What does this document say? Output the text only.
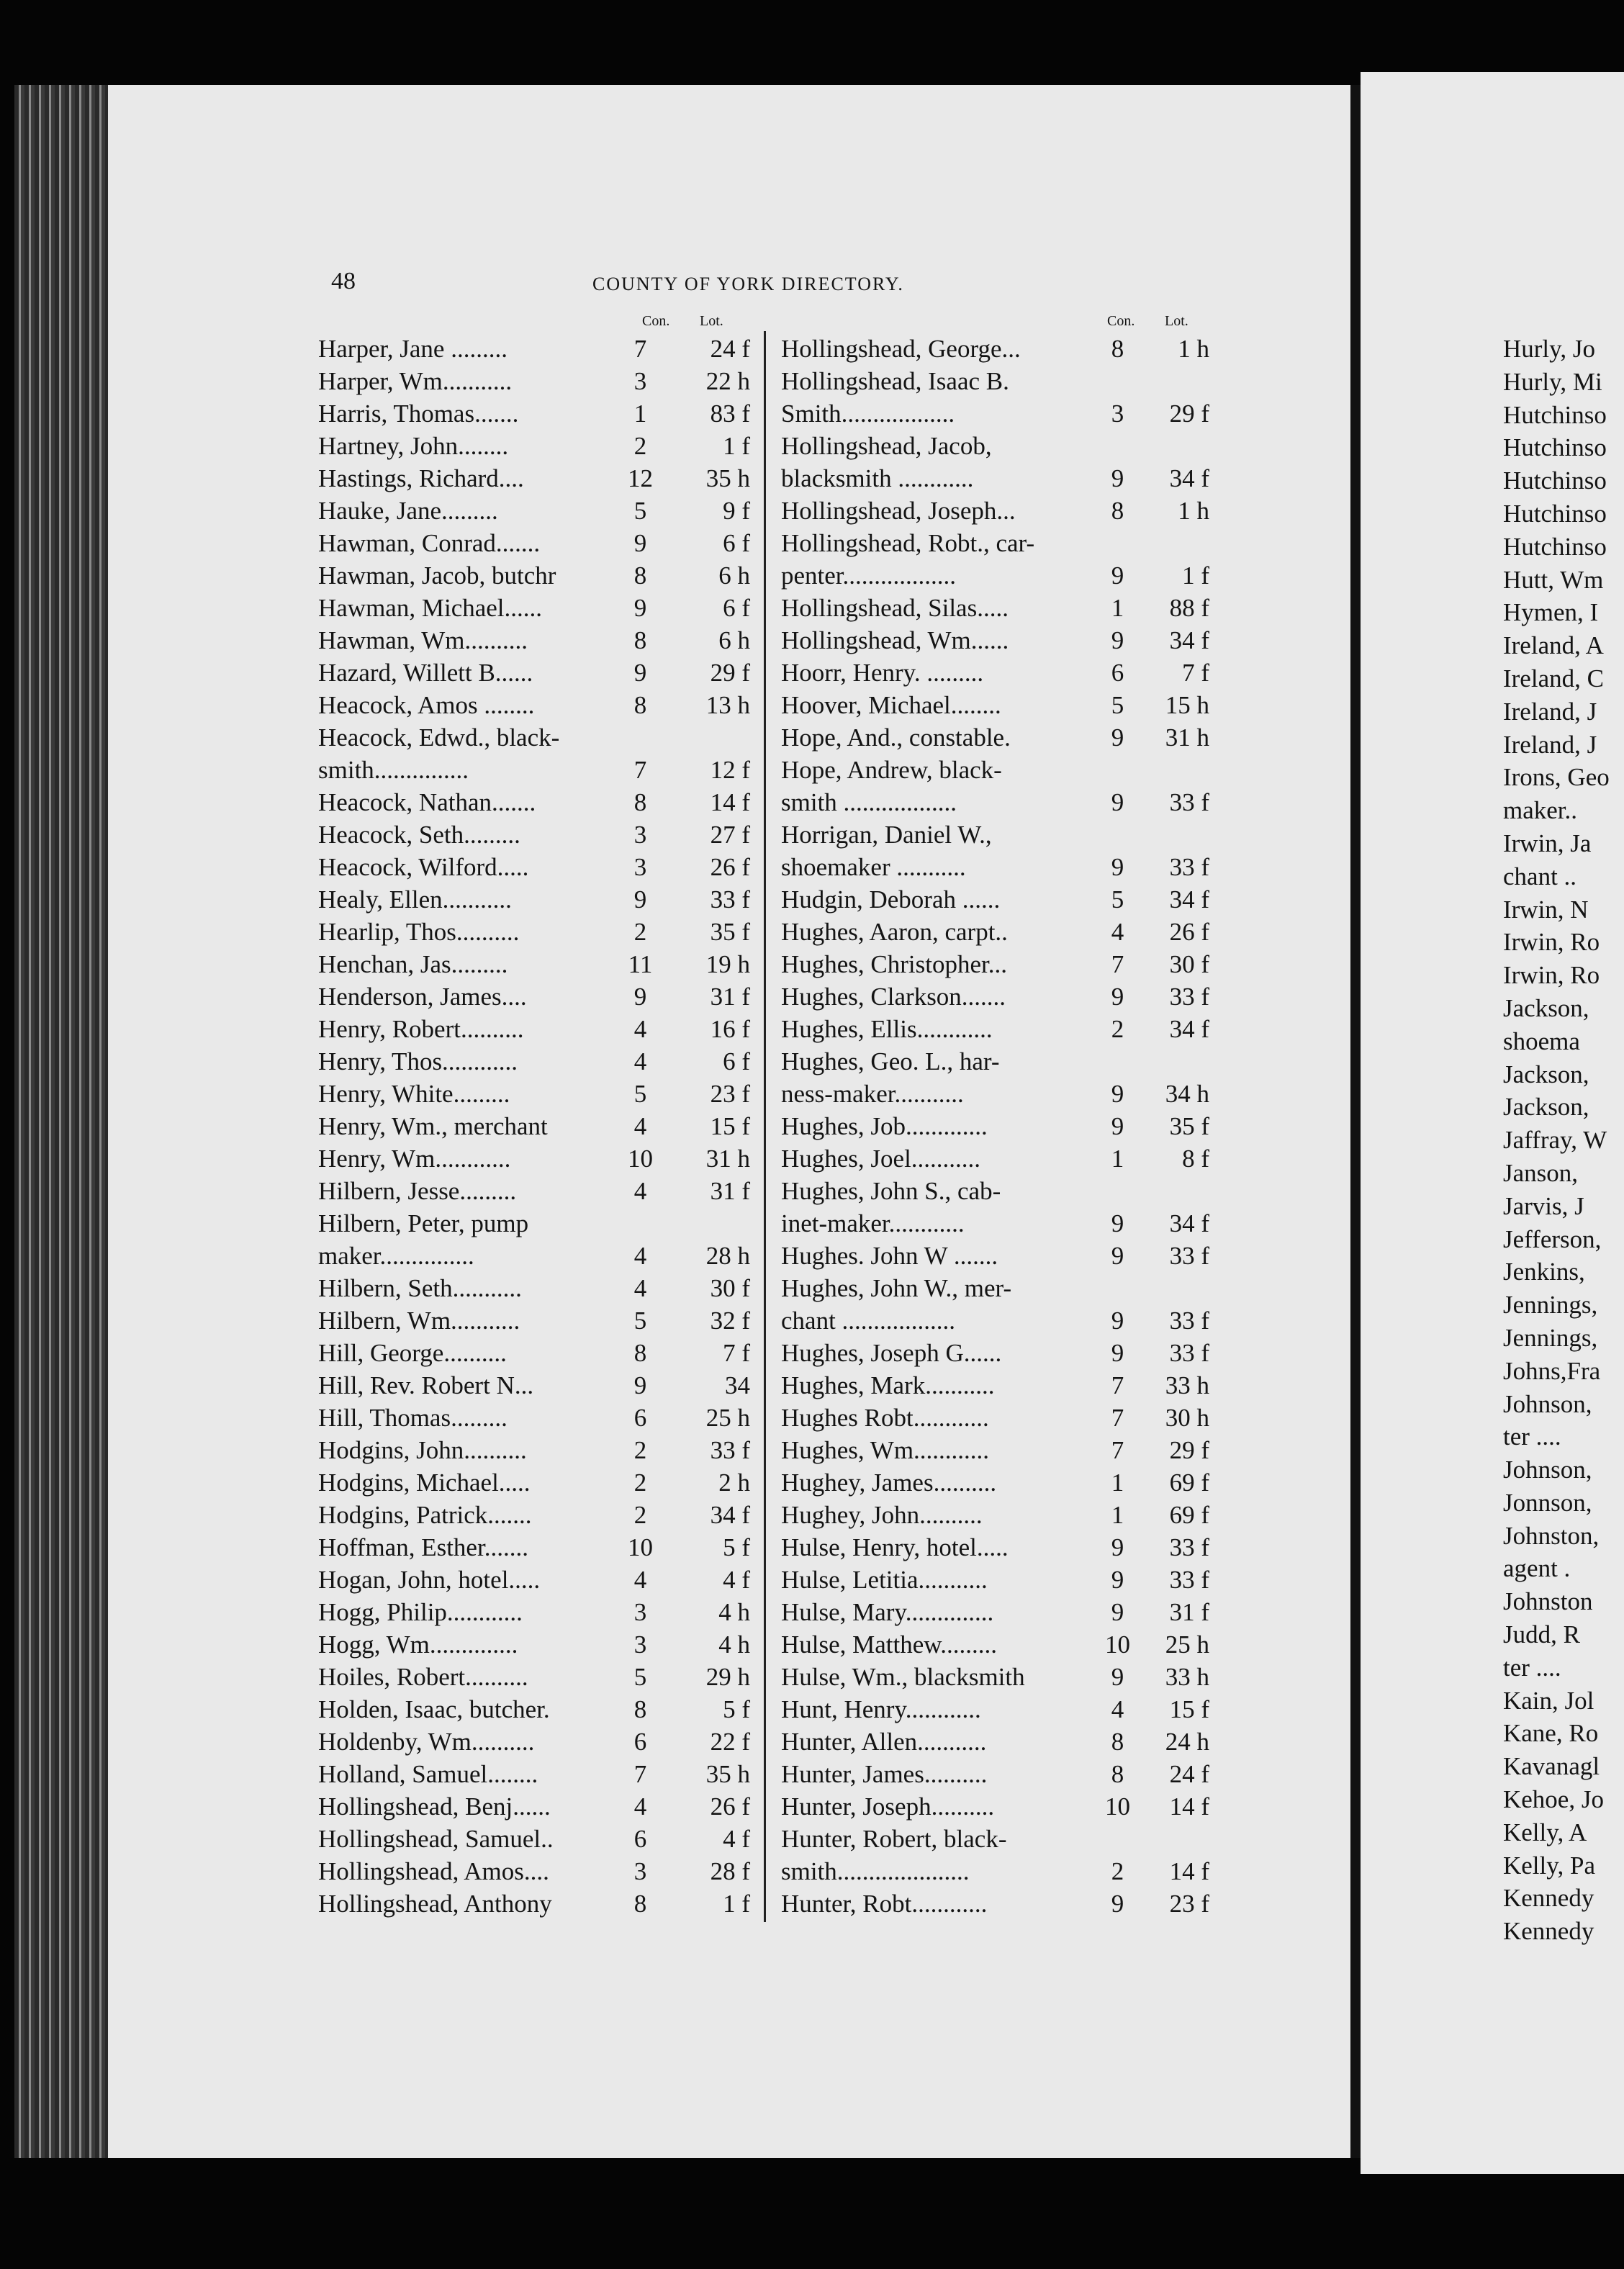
48	COUNTY OF YORK DIRECTORY.
Con. Lot.	Con. Lot.
Harper, Jane .........	7	24 f
Harper, Wm...........	3	22 h
Harris, Thomas.......	1	83 f
Hartney, John........	2	1 f
Hastings, Richard....	12	35 h
Hauke, Jane.........	5	9 f
Hawman, Conrad.......	9	6 f
Hawman, Jacob, butchr	8	6 h
Hawman, Michael......	9	6 f
Hawman, Wm..........	8	6 h
Hazard, Willett B......	9	29 f
Heacock, Amos ........	8	13 h
Heacock, Edwd., black-
smith...............	7	12 f
Heacock, Nathan.......	8	14 f
Heacock, Seth.........	3	27 f
Heacock, Wilford.....	3	26 f
Healy, Ellen...........	9	33 f
Hearlip, Thos..........	2	35 f
Henchan, Jas.........	11	19 h
Henderson, James....	9	31 f
Henry, Robert..........	4	16 f
Henry, Thos............	4	6 f
Henry, White.........	5	23 f
Henry, Wm., merchant	4	15 f
Henry, Wm............	10	31 h
Hilbern, Jesse.........	4	31 f
Hilbern, Peter, pump
maker...............	4	28 h
Hilbern, Seth...........	4	30 f
Hilbern, Wm...........	5	32 f
Hill, George..........	8	7 f
Hill, Rev. Robert N...	9	34
Hill, Thomas.........	6	25 h
Hodgins, John..........	2	33 f
Hodgins, Michael.....	2	2 h
Hodgins, Patrick.......	2	34 f
Hoffman, Esther.......	10	5 f
Hogan, John, hotel.....	4	4 f
Hogg, Philip............	3	4 h
Hogg, Wm..............	3	4 h
Hoiles, Robert..........	5	29 h
Holden, Isaac, butcher.	8	5 f
Holdenby, Wm..........	6	22 f
Holland, Samuel........	7	35 h
Hollingshead, Benj......	4	26 f
Hollingshead, Samuel..	6	4 f
Hollingshead, Amos....	3	28 f
Hollingshead, Anthony	8	1 f
Hollingshead, George...	8	1 h
Hollingshead, Isaac B.
Smith..................	3	29 f
Hollingshead, Jacob,
blacksmith ............	9	34 f
Hollingshead, Joseph...	8	1 h
Hollingshead, Robt., car-
penter..................	9	1 f
Hollingshead, Silas.....	1	88 f
Hollingshead, Wm......	9	34 f
Hoorr, Henry. .........	6	7 f
Hoover, Michael........	5	15 h
Hope, And., constable.	9	31 h
Hope, Andrew, black-
smith ..................	9	33 f
Horrigan, Daniel W.,
shoemaker ...........	9	33 f
Hudgin, Deborah ......	5	34 f
Hughes, Aaron, carpt..	4	26 f
Hughes, Christopher...	7	30 f
Hughes, Clarkson.......	9	33 f
Hughes, Ellis............	2	34 f
Hughes, Geo. L., har-
ness-maker...........	9	34 h
Hughes, Job.............	9	35 f
Hughes, Joel...........	1	8 f
Hughes, John S., cab-
inet-maker............	9	34 f
Hughes. John W .......	9	33 f
Hughes, John W., mer-
chant ..................	9	33 f
Hughes, Joseph G......	9	33 f
Hughes, Mark...........	7	33 h
Hughes Robt............	7	30 h
Hughes, Wm............	7	29 f
Hughey, James..........	1	69 f
Hughey, John..........	1	69 f
Hulse, Henry, hotel.....	9	33 f
Hulse, Letitia...........	9	33 f
Hulse, Mary..............	9	31 f
Hulse, Matthew.........	10	25 h
Hulse, Wm., blacksmith	9	33 h
Hunt, Henry............	4	15 f
Hunter, Allen...........	8	24 h
Hunter, James..........	8	24 f
Hunter, Joseph..........	10	14 f
Hunter, Robert, black-
smith.....................	2	14 f
Hunter, Robt............	9	23 f
Hurly, Jo
Hurly, Mi
Hutchinso
Hutchinso
Hutchinso
Hutchinso
Hutchinso
Hutt, Wm
Hymen, I
Ireland, A
Ireland, C
Ireland, J
Ireland, J
Irons, Geo
maker..
Irwin, Ja
chant ..
Irwin, N
Irwin, Ro
Irwin, Ro
Jackson,
shoema
Jackson,
Jackson,
Jaffray, W
Janson,
Jarvis, J
Jefferson,
Jenkins,
Jennings,
Jennings,
Johns,Fra
Johnson,
ter ....
Johnson,
Jonnson,
Johnston,
agent .
Johnston
Judd, R
ter ....
Kain, Jol
Kane, Ro
Kavanagl
Kehoe, Jo
Kelly, A
Kelly, Pa
Kennedy
Kennedy
